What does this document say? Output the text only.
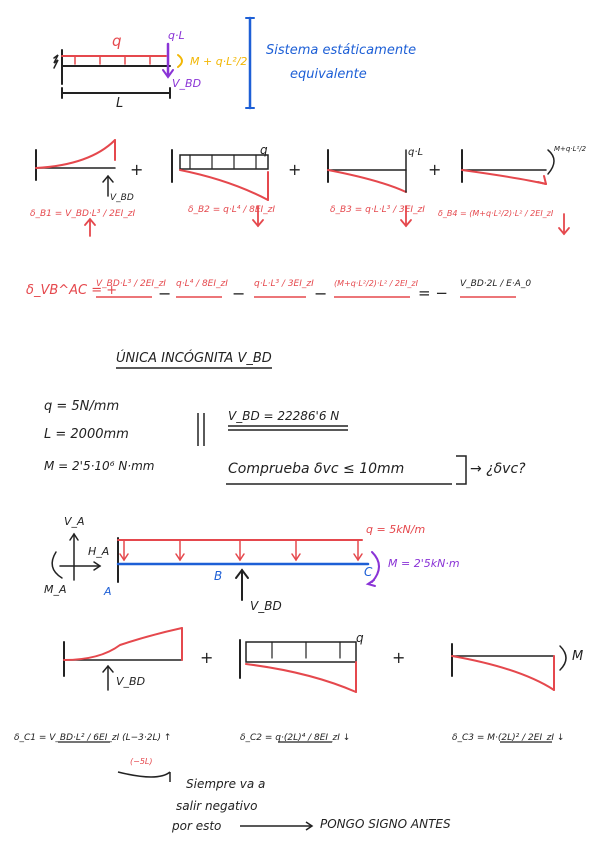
q	q·L
M + q·L²/2
V_BD
L
Sistema estáticamente
equivalente
V_BD
+
q
+
q·L
+
M+q·L²/2
δ_B1 = V_BD·L³ / 2EI_zI	δ_B2 = q·L⁴ / 8EI_zI	δ_B3 = q·L·L³ / 3EI_zI δ_B4 = (M+q·L²/2)·L² / 2EI_zI
δ_VB^AC = +
V_BD·L³ / 2EI_zI
− q·L⁴ / 8EI_zI − q·L·L³ / 3EI_zI −
(M+q·L²/2)·L² / 2EI_zI
= − V_BD·2L / E·A_0
ÚNICA INCÓGNITA V_BD
q = 5N/mm
L = 2000mm
M = 2'5·10⁶ N·mm
V_BD = 22286'6 N
Comprueba δvc ≤ 10mm	→ ¿δvc?
V_A
H_A
M_A	A
B	C
q = 5kN/m
M = 2'5kN·m
V_BD
V_BD
+
q
+	M
δ_C1 = V_BD·L² / 6EI_zI (L−3·2L) ↑
(−5L)
δ_C2 = q·(2L)⁴ / 8EI_zI ↓	δ_C3 = M·(2L)² / 2EI_zI ↓
Siempre va a
salir negativo
por esto	PONGO SIGNO ANTES
